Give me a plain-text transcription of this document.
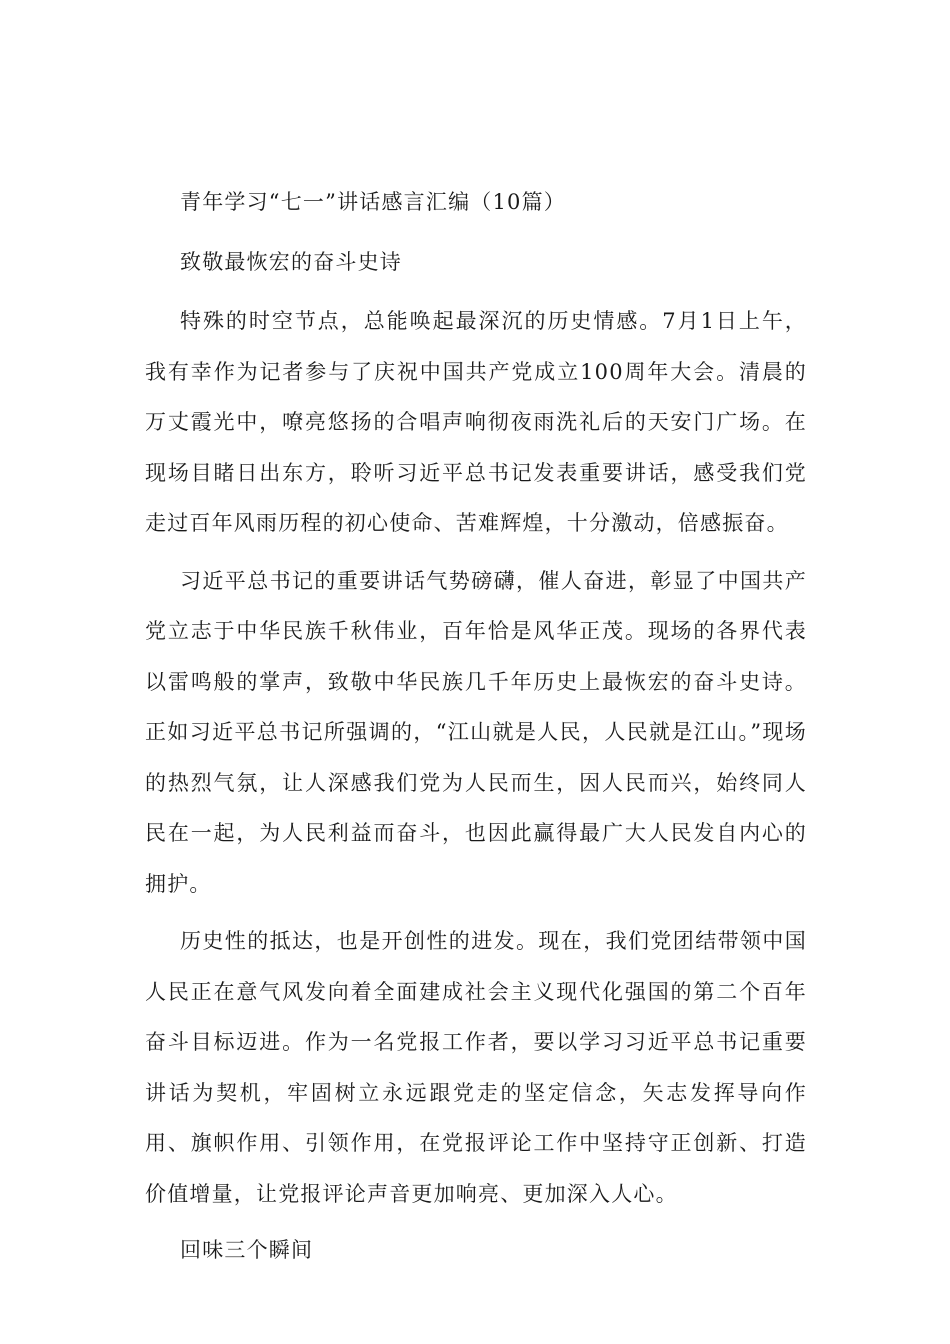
青年学习“七一”讲话感言汇编（10篇）
致敬最恢宏的奋斗史诗

特殊的时空节点，总能唤起最深沉的历史情感。7月1日上午，我有幸作为记者参与了庆祝中国共产党成立100周年大会。清晨的万丈霞光中，嘹亮悠扬的合唱声响彻夜雨洗礼后的天安门广场。在现场目睹日出东方，聆听习近平总书记发表重要讲话，感受我们党走过百年风雨历程的初心使命、苦难辉煌，十分激动，倍感振奋。

习近平总书记的重要讲话气势磅礴，催人奋进，彰显了中国共产党立志于中华民族千秋伟业，百年恰是风华正茂。现场的各界代表以雷鸣般的掌声，致敬中华民族几千年历史上最恢宏的奋斗史诗。正如习近平总书记所强调的，“江山就是人民，人民就是江山。”现场的热烈气氛，让人深感我们党为人民而生，因人民而兴，始终同人民在一起，为人民利益而奋斗，也因此赢得最广大人民发自内心的拥护。

历史性的抵达，也是开创性的进发。现在，我们党团结带领中国人民正在意气风发向着全面建成社会主义现代化强国的第二个百年奋斗目标迈进。作为一名党报工作者，要以学习习近平总书记重要讲话为契机，牢固树立永远跟党走的坚定信念，矢志发挥导向作用、旗帜作用、引领作用，在党报评论工作中坚持守正创新、打造价值增量，让党报评论声音更加响亮、更加深入人心。

回味三个瞬间
